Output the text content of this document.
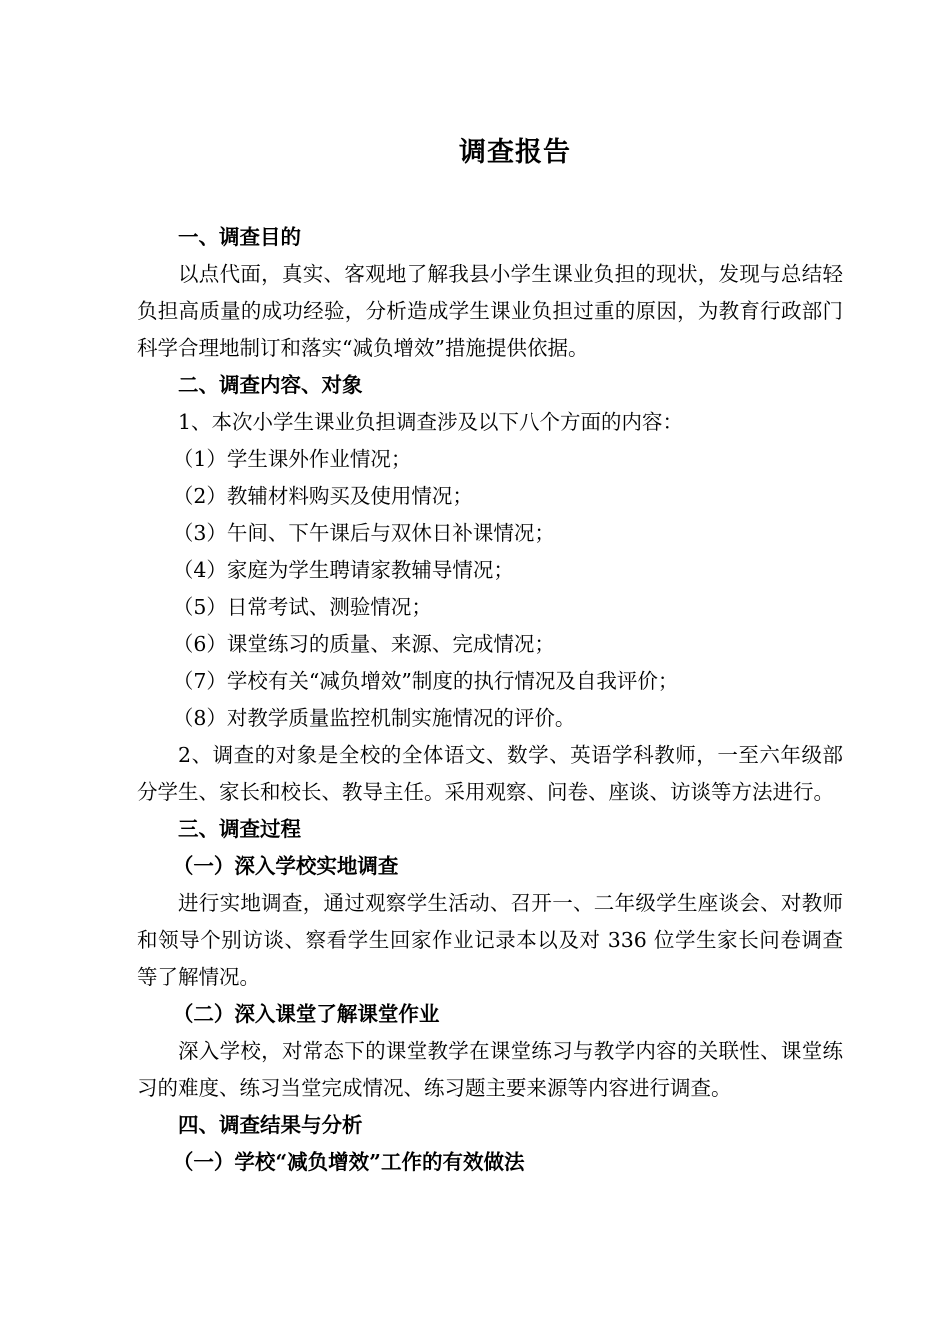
调查报告

一、调查目的

以点代面，真实、客观地了解我县小学生课业负担的现状，发现与总结轻负担高质量的成功经验，分析造成学生课业负担过重的原因，为教育行政部门科学合理地制订和落实“减负增效”措施提供依据。

二、调查内容、对象

1、本次小学生课业负担调查涉及以下八个方面的内容：

（1）学生课外作业情况；

（2）教辅材料购买及使用情况；

（3）午间、下午课后与双休日补课情况；

（4）家庭为学生聘请家教辅导情况；

（5）日常考试、测验情况；

（6）课堂练习的质量、来源、完成情况；

（7）学校有关“减负增效”制度的执行情况及自我评价；

（8）对教学质量监控机制实施情况的评价。

2、调查的对象是全校的全体语文、数学、英语学科教师，一至六年级部分学生、家长和校长、教导主任。采用观察、问卷、座谈、访谈等方法进行。

三、调查过程

（一）深入学校实地调查

进行实地调查，通过观察学生活动、召开一、二年级学生座谈会、对教师和领导个别访谈、察看学生回家作业记录本以及对 336 位学生家长问卷调查等了解情况。

（二）深入课堂了解课堂作业

深入学校，对常态下的课堂教学在课堂练习与教学内容的关联性、课堂练习的难度、练习当堂完成情况、练习题主要来源等内容进行调查。

四、调查结果与分析

（一）学校“减负增效”工作的有效做法
